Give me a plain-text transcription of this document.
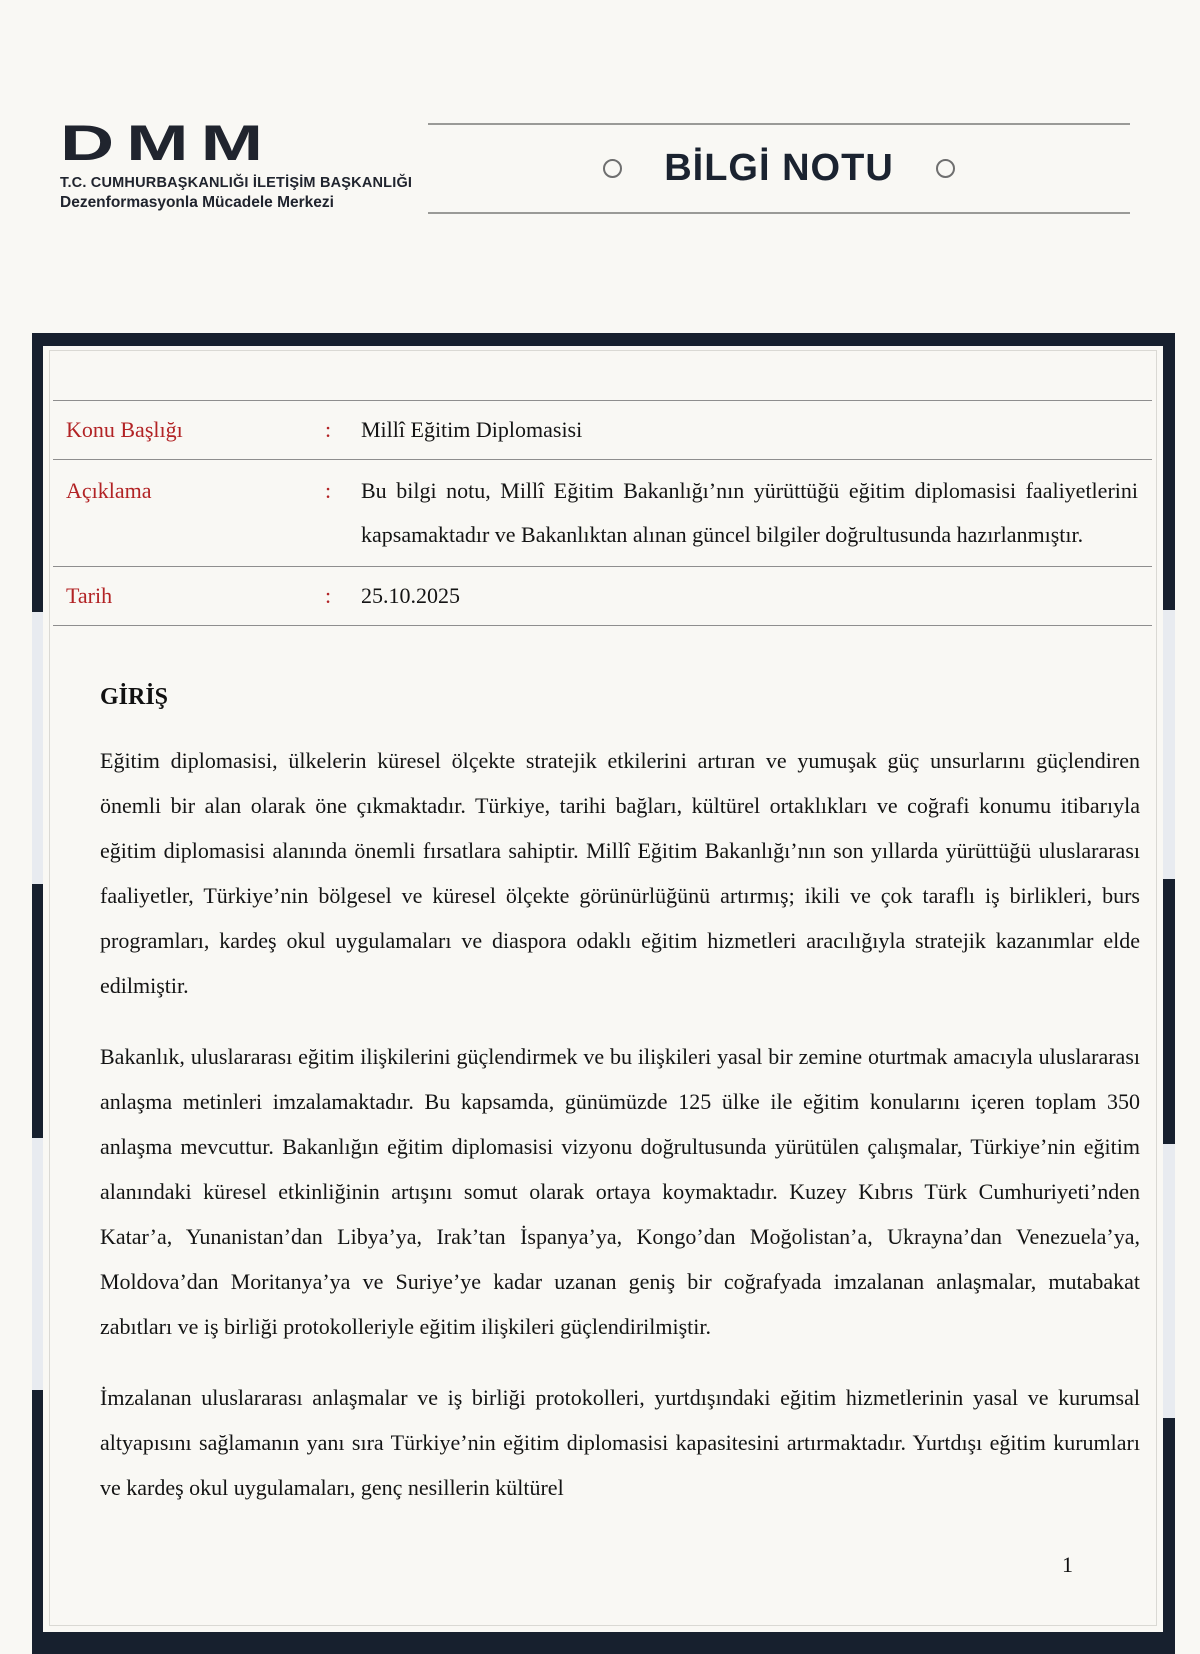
DMM
T.C. CUMHURBAŞKANLIĞI İLETİŞİM BAŞKANLIĞI
Dezenformasyonla Mücadele Merkezi
BİLGİ NOTU
Konu Başlığı	:	Millî Eğitim Diplomasisi
Açıklama	:	Bu bilgi notu, Millî Eğitim Bakanlığı’nın yürüttüğü eğitim diplomasisi faaliyetlerini kapsamaktadır ve Bakanlıktan alınan güncel bilgiler doğrultusunda hazırlanmıştır.
Tarih	:	25.10.2025
GİRİŞ

Eğitim diplomasisi, ülkelerin küresel ölçekte stratejik etkilerini artıran ve yumuşak güç unsurlarını güçlendiren önemli bir alan olarak öne çıkmaktadır. Türkiye, tarihi bağları, kültürel ortaklıkları ve coğrafi konumu itibarıyla eğitim diplomasisi alanında önemli fırsatlara sahiptir. Millî Eğitim Bakanlığı’nın son yıllarda yürüttüğü uluslararası faaliyetler, Türkiye’nin bölgesel ve küresel ölçekte görünürlüğünü artırmış; ikili ve çok taraflı iş birlikleri, burs programları, kardeş okul uygulamaları ve diaspora odaklı eğitim hizmetleri aracılığıyla stratejik kazanımlar elde edilmiştir.

Bakanlık, uluslararası eğitim ilişkilerini güçlendirmek ve bu ilişkileri yasal bir zemine oturtmak amacıyla uluslararası anlaşma metinleri imzalamaktadır. Bu kapsamda, günümüzde 125 ülke ile eğitim konularını içeren toplam 350 anlaşma mevcuttur. Bakanlığın eğitim diplomasisi vizyonu doğrultusunda yürütülen çalışmalar, Türkiye’nin eğitim alanındaki küresel etkinliğinin artışını somut olarak ortaya koymaktadır. Kuzey Kıbrıs Türk Cumhuriyeti’nden Katar’a, Yunanistan’dan Libya’ya, Irak’tan İspanya’ya, Kongo’dan Moğolistan’a, Ukrayna’dan Venezuela’ya, Moldova’dan Moritanya’ya ve Suriye’ye kadar uzanan geniş bir coğrafyada imzalanan anlaşmalar, mutabakat zabıtları ve iş birliği protokolleriyle eğitim ilişkileri güçlendirilmiştir.

İmzalanan uluslararası anlaşmalar ve iş birliği protokolleri, yurtdışındaki eğitim hizmetlerinin yasal ve kurumsal altyapısını sağlamanın yanı sıra Türkiye’nin eğitim diplomasisi kapasitesini artırmaktadır. Yurtdışı eğitim kurumları ve kardeş okul uygulamaları, genç nesillerin kültürel

1
